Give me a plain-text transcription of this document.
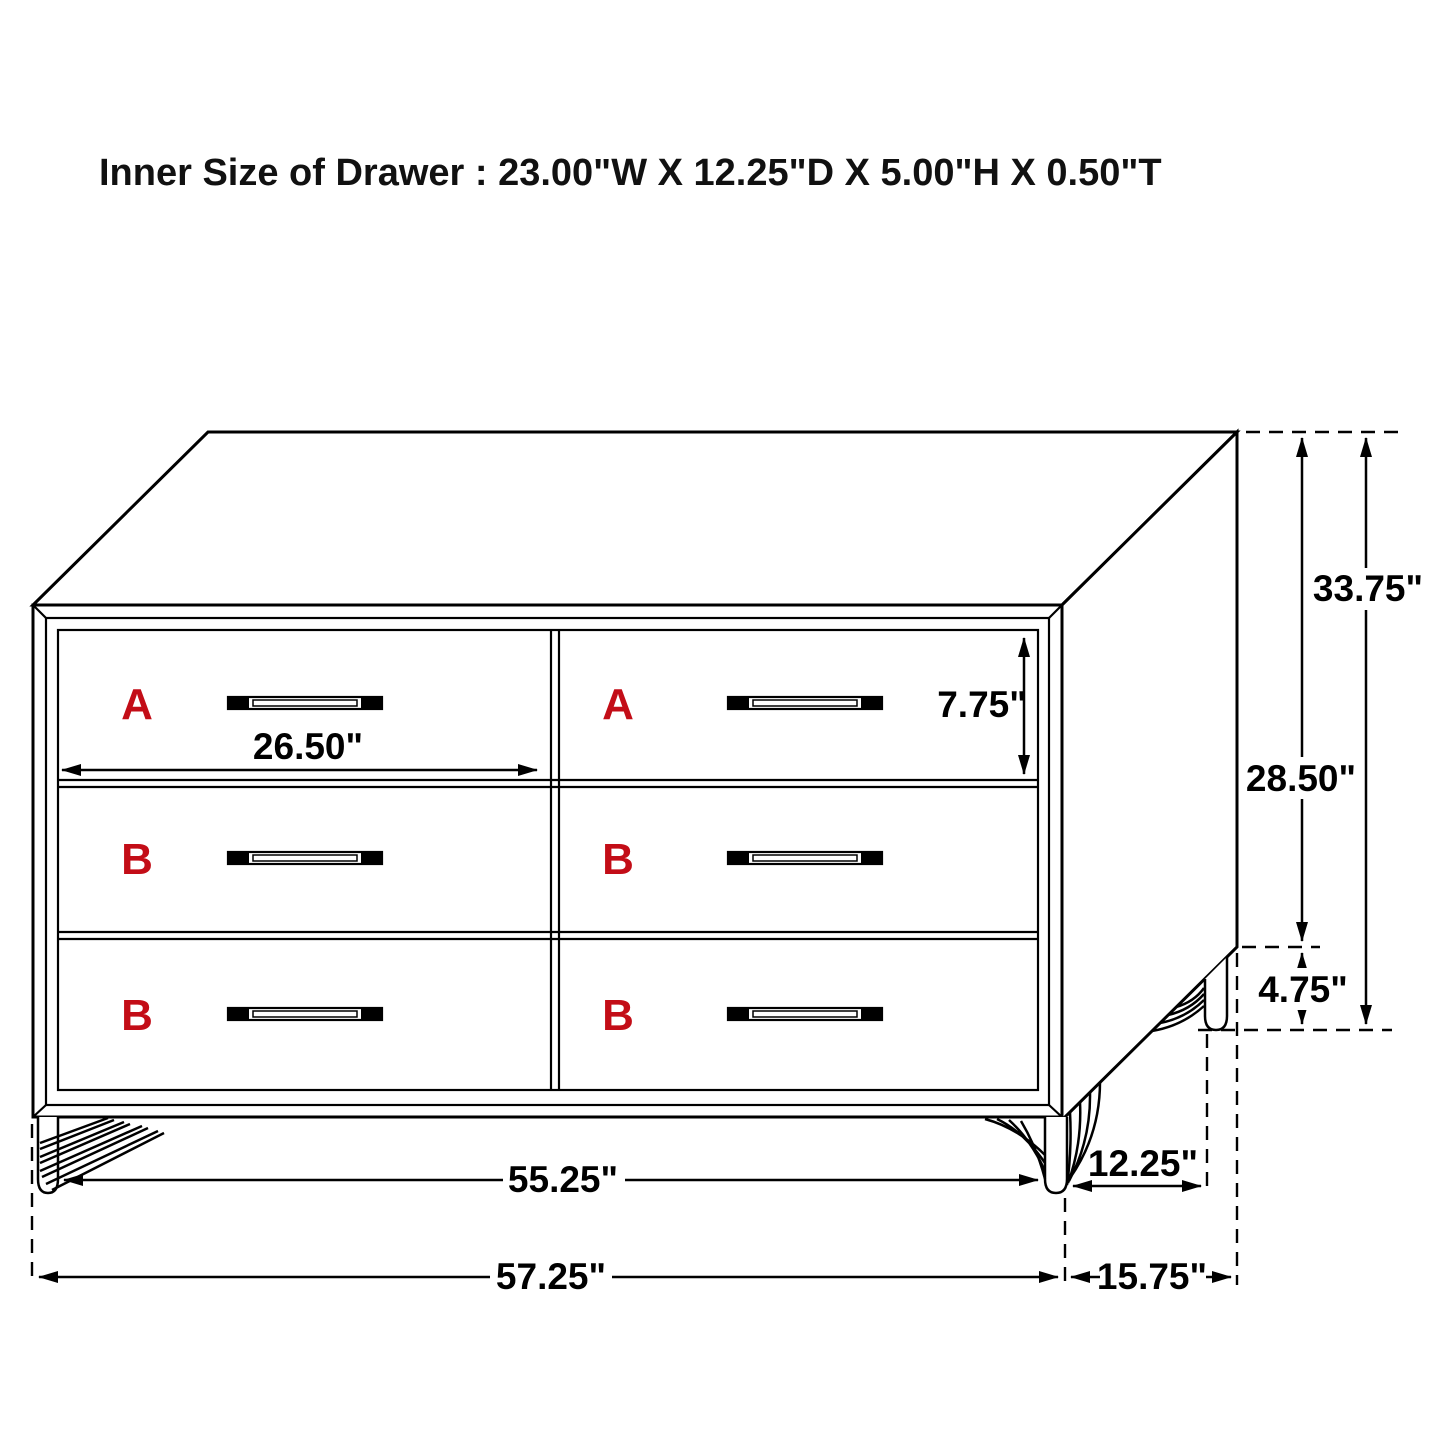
Inner Size of Drawer : 23.00"W X 12.25"D X 5.00"H X 0.50"T
A	A
B	B
B	B
26.50"
7.75"
33.75"
28.50"
4.75"
55.25"	12.25"
57.25"	15.75"
